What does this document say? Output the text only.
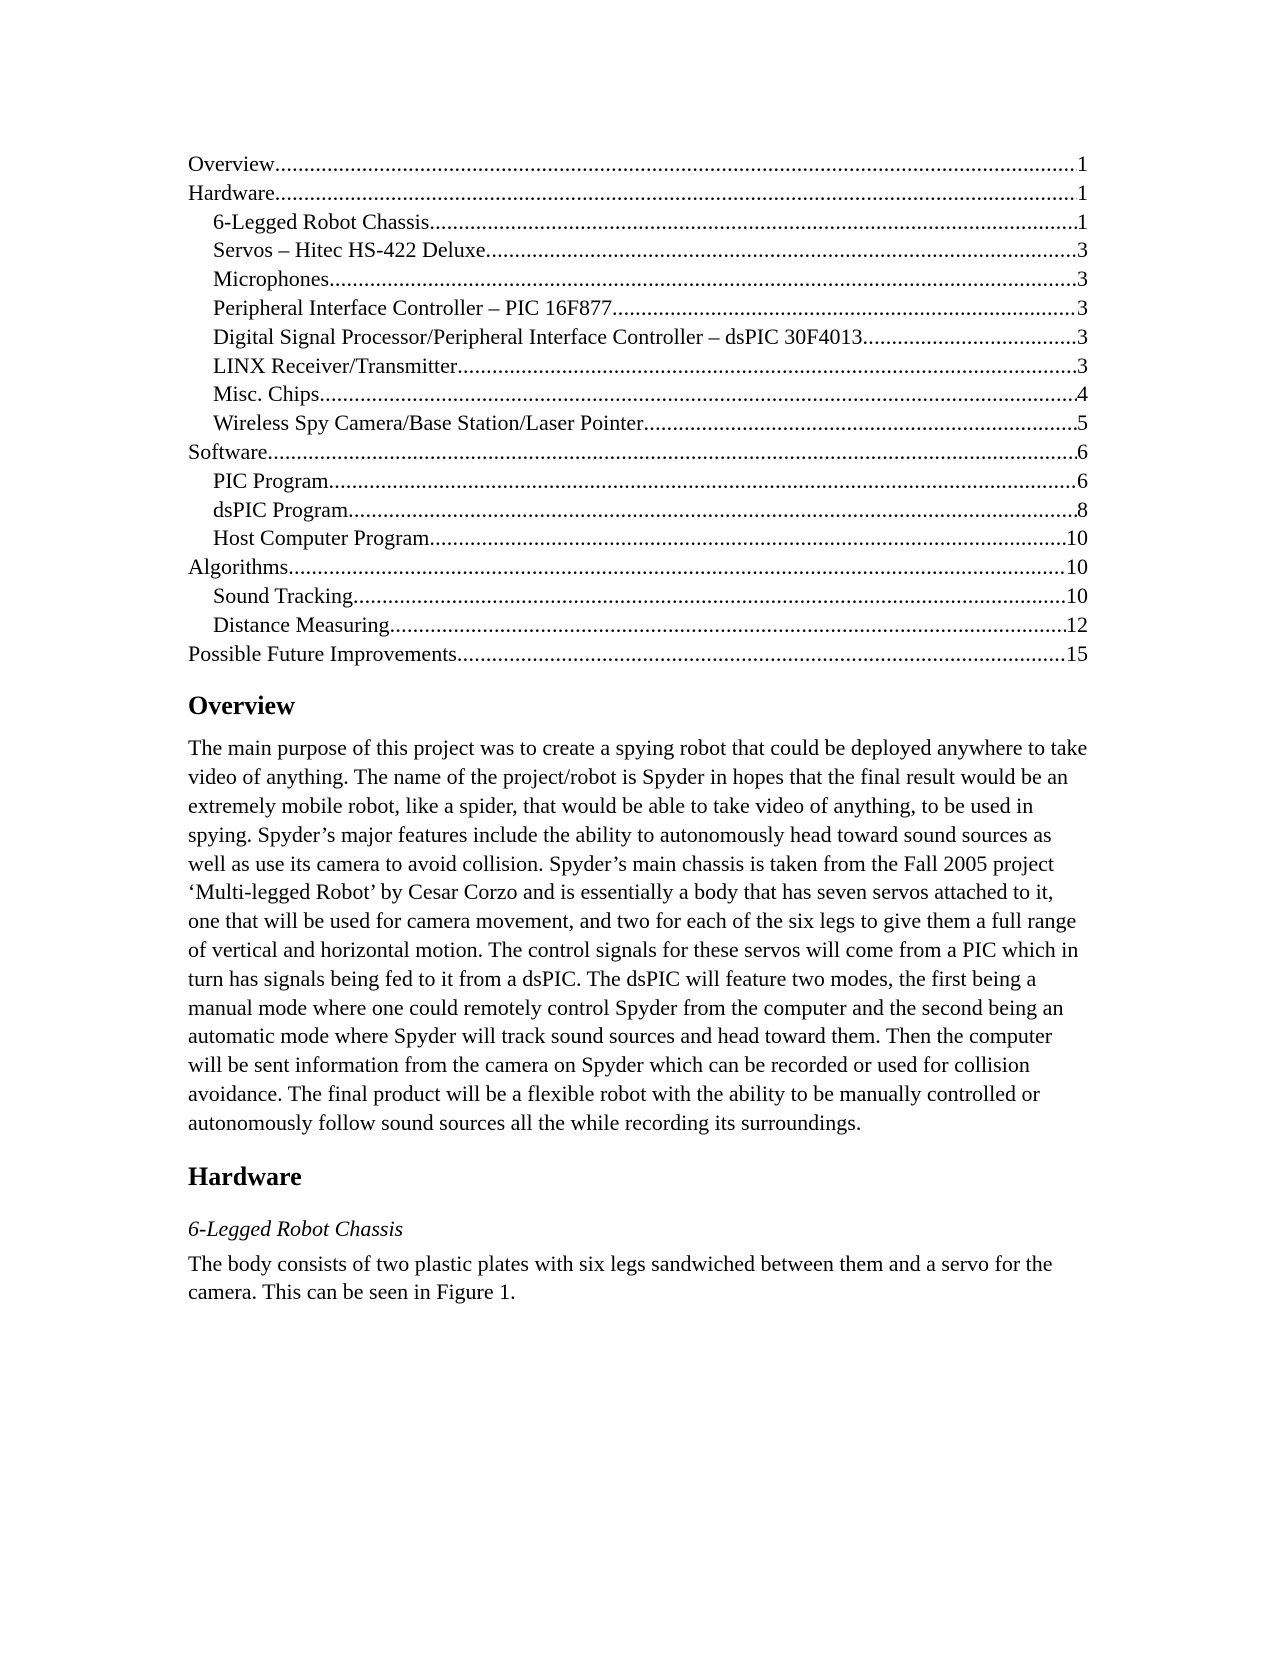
Overview .....	1
Hardware .....	1
6-Legged Robot Chassis .....	1
Servos – Hitec HS-422 Deluxe .....	3
Microphones .....	3
Peripheral Interface Controller – PIC 16F877 .....	3
Digital Signal Processor/Peripheral Interface Controller – dsPIC 30F4013 .....	3
LINX Receiver/Transmitter .....	3
Misc. Chips .....	4
Wireless Spy Camera/Base Station/Laser Pointer .....	5
Software .....	6
PIC Program .....	6
dsPIC Program .....	8
Host Computer Program .....	10
Algorithms .....	10
Sound Tracking .....	10
Distance Measuring .....	12
Possible Future Improvements .....	15
Overview

The main purpose of this project was to create a spying robot that could be deployed anywhere to take video of anything. The name of the project/robot is Spyder in hopes that the final result would be an extremely mobile robot, like a spider, that would be able to take video of anything, to be used in spying. Spyder’s major features include the ability to autonomously head toward sound sources as well as use its camera to avoid collision. Spyder’s main chassis is taken from the Fall 2005 project ‘Multi-legged Robot’ by Cesar Corzo and is essentially a body that has seven servos attached to it, one that will be used for camera movement, and two for each of the six legs to give them a full range of vertical and horizontal motion. The control signals for these servos will come from a PIC which in turn has signals being fed to it from a dsPIC. The dsPIC will feature two modes, the first being a manual mode where one could remotely control Spyder from the computer and the second being an automatic mode where Spyder will track sound sources and head toward them. Then the computer will be sent information from the camera on Spyder which can be recorded or used for collision avoidance. The final product will be a flexible robot with the ability to be manually controlled or autonomously follow sound sources all the while recording its surroundings.

Hardware
6-Legged Robot Chassis

The body consists of two plastic plates with six legs sandwiched between them and a servo for the camera. This can be seen in Figure 1.
